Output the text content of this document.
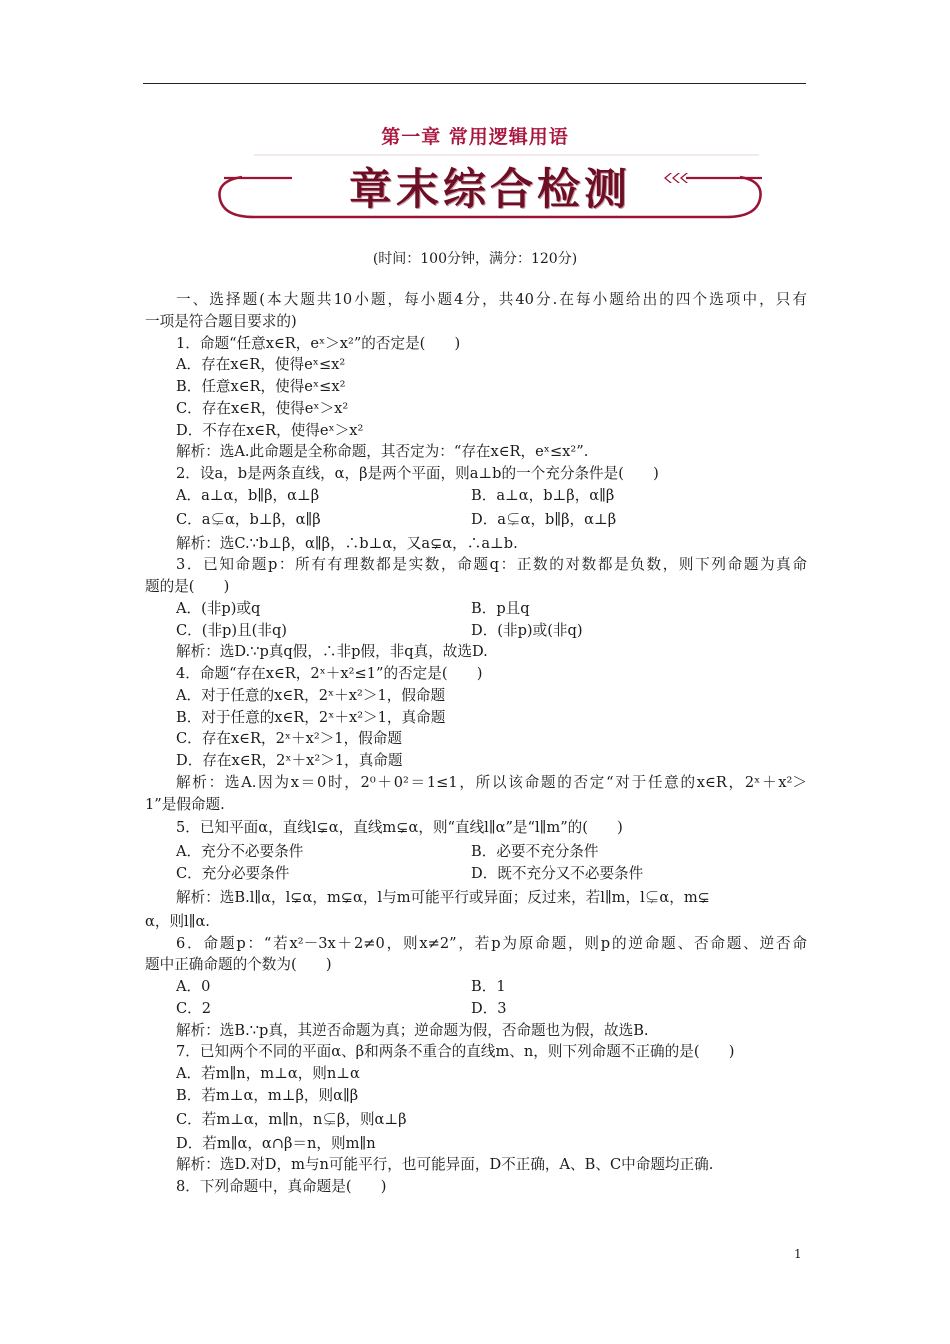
第一章 常用逻辑用语
章末综合检测
(时间：100分钟，满分：120分)
一、选择题(本大题共10小题，每小题4分，共40分.在每小题给出的四个选项中，只有
一项是符合题目要求的)
1．命题“任意x∈R，eˣ＞x²”的否定是(　　)
A．存在x∈R，使得eˣ≤x²
B．任意x∈R，使得eˣ≤x²
C．存在x∈R，使得eˣ＞x²
D．不存在x∈R，使得eˣ＞x²
解析：选A.此命题是全称命题，其否定为：“存在x∈R，eˣ≤x²”.
2．设a，b是两条直线，α，β是两个平面，则a⊥b的一个充分条件是(　　)
A．a⊥α，b∥β，α⊥β	B．a⊥α，b⊥β，α∥β
C．a⊊α，b⊥β，α∥β	D．a⊊α，b∥β，α⊥β
解析：选C.∵b⊥β，α∥β，∴b⊥α，又a⊊α，∴a⊥b.
3．已知命题p：所有有理数都是实数，命题q：正数的对数都是负数，则下列命题为真命
题的是(　　)
A．(非p)或q	B．p且q
C．(非p)且(非q)	D．(非p)或(非q)
解析：选D.∵p真q假，∴非p假，非q真，故选D.
4．命题“存在x∈R，2ˣ＋x²≤1”的否定是(　　)
A．对于任意的x∈R，2ˣ＋x²＞1，假命题
B．对于任意的x∈R，2ˣ＋x²＞1，真命题
C．存在x∈R，2ˣ＋x²＞1，假命题
D．存在x∈R，2ˣ＋x²＞1，真命题
解析：选A.因为x＝0时，2⁰＋0²＝1≤1，所以该命题的否定“对于任意的x∈R，2ˣ＋x²＞
1”是假命题.
5．已知平面α，直线l⊊α，直线m⊊α，则“直线l∥α”是“l∥m”的(　　)
A．充分不必要条件	B．必要不充分条件
C．充分必要条件	D．既不充分又不必要条件
解析：选B.l∥α，l⊊α，m⊊α，l与m可能平行或异面；反过来，若l∥m，l⊊α，m⊊
α，则l∥α.
6．命题p：“若x²－3x＋2≠0，则x≠2”，若p为原命题，则p的逆命题、否命题、逆否命
题中正确命题的个数为(　　)
A．0	B．1
C．2	D．3
解析：选B.∵p真，其逆否命题为真；逆命题为假，否命题也为假，故选B.
7．已知两个不同的平面α、β和两条不重合的直线m、n，则下列命题不正确的是(　　)
A．若m∥n，m⊥α，则n⊥α
B．若m⊥α，m⊥β，则α∥β
C．若m⊥α，m∥n，n⊊β，则α⊥β
D．若m∥α，α∩β＝n，则m∥n
解析：选D.对D，m与n可能平行，也可能异面，D不正确，A、B、C中命题均正确.
8．下列命题中，真命题是(　　)
1
